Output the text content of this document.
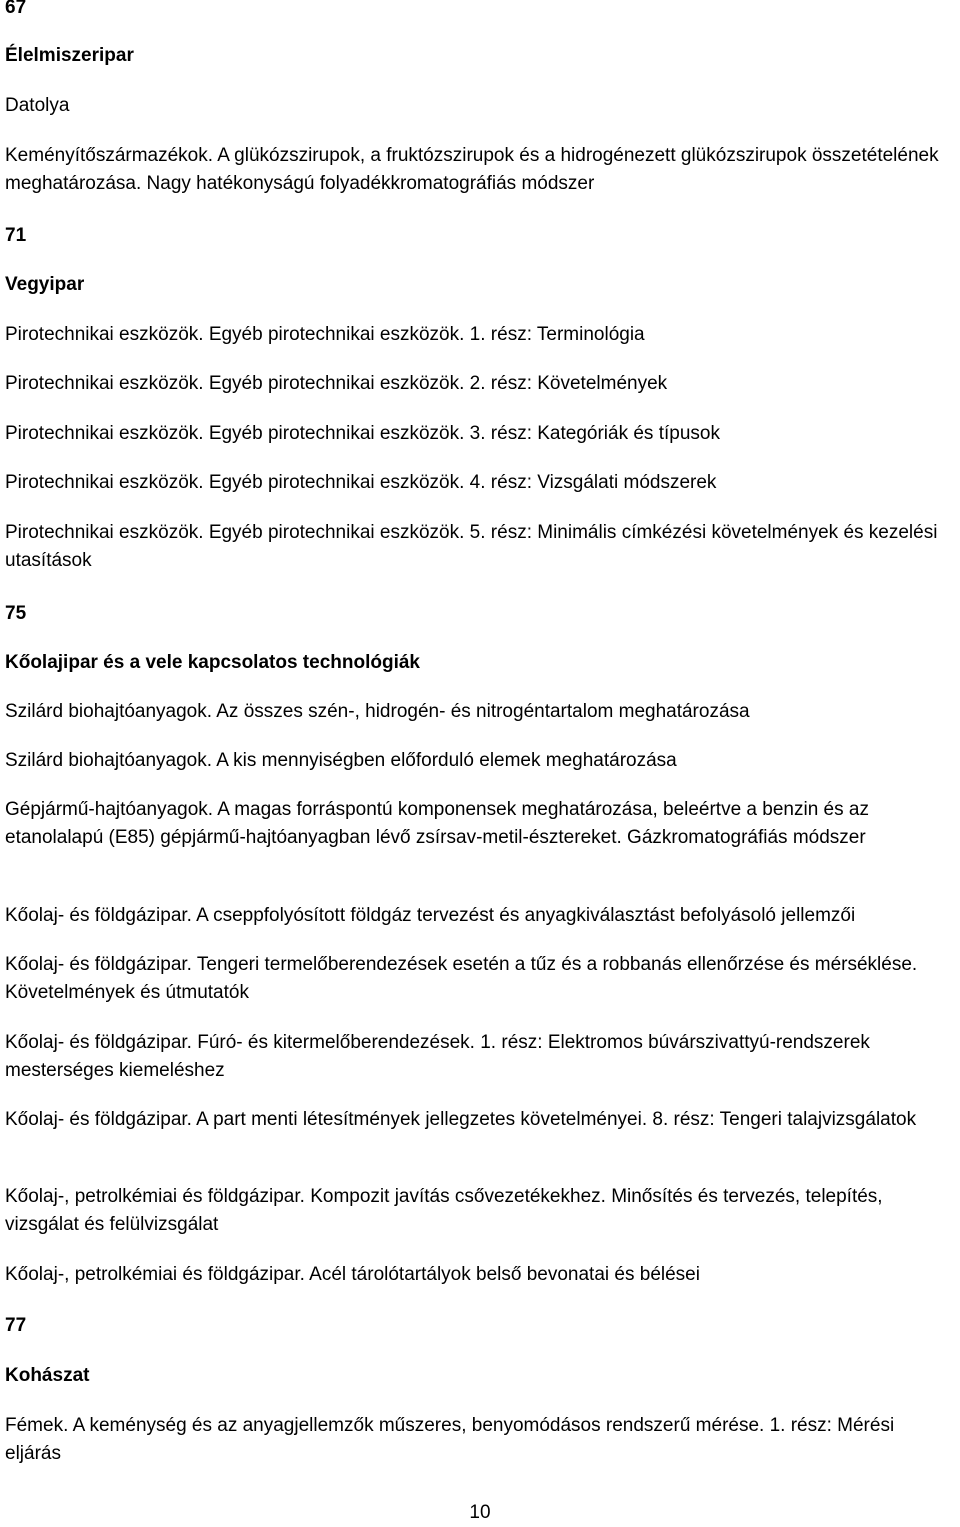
67

Élelmiszeripar

Datolya

Keményítőszármazékok. A glükózszirupok, a fruktózszirupok és a hidrogénezett glükózszirupok összetételének meghatározása. Nagy hatékonyságú folyadékkromatográfiás módszer

71

Vegyipar

Pirotechnikai eszközök. Egyéb pirotechnikai eszközök. 1. rész: Terminológia

Pirotechnikai eszközök. Egyéb pirotechnikai eszközök. 2. rész: Követelmények

Pirotechnikai eszközök. Egyéb pirotechnikai eszközök. 3. rész: Kategóriák és típusok

Pirotechnikai eszközök. Egyéb pirotechnikai eszközök. 4. rész: Vizsgálati módszerek

Pirotechnikai eszközök. Egyéb pirotechnikai eszközök. 5. rész: Minimális címkézési követelmények és kezelési utasítások

75

Kőolajipar és a vele kapcsolatos technológiák

Szilárd biohajtóanyagok. Az összes szén-, hidrogén- és nitrogéntartalom meghatározása

Szilárd biohajtóanyagok. A kis mennyiségben előforduló elemek meghatározása

Gépjármű-hajtóanyagok. A magas forráspontú komponensek meghatározása, beleértve a benzin és az etanolalapú (E85) gépjármű-hajtóanyagban lévő zsírsav-metil-észtereket. Gázkromatográfiás módszer

Kőolaj- és földgázipar. A cseppfolyósított földgáz tervezést és anyagkiválasztást befolyásoló jellemzői

Kőolaj- és földgázipar. Tengeri termelőberendezések esetén a tűz és a robbanás ellenőrzése és mérséklése. Követelmények és útmutatók

Kőolaj- és földgázipar. Fúró- és kitermelőberendezések. 1. rész: Elektromos búvárszivattyú-rendszerek mesterséges kiemeléshez

Kőolaj- és földgázipar. A part menti létesítmények jellegzetes követelményei. 8. rész: Tengeri talajvizsgálatok

Kőolaj-, petrolkémiai és földgázipar. Kompozit javítás csővezetékekhez. Minősítés és tervezés, telepítés, vizsgálat és felülvizsgálat

Kőolaj-, petrolkémiai és földgázipar. Acél tárolótartályok belső bevonatai és bélései

77

Kohászat

Fémek. A keménység és az anyagjellemzők műszeres, benyomódásos rendszerű mérése. 1. rész: Mérési eljárás

10
